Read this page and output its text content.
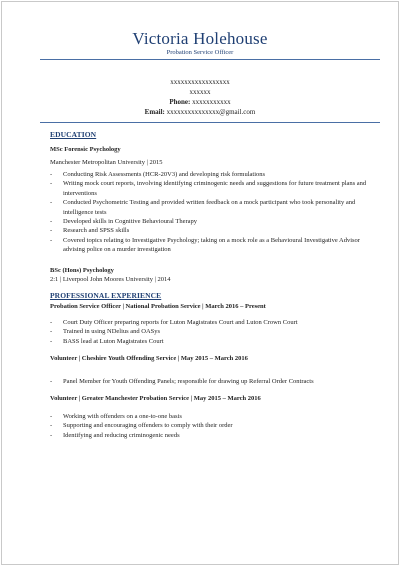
Victoria Holehouse
Probation Service Officer
xxxxxxxxxxxxxxxxx
xxxxxx
Phone: xxxxxxxxxxx
Email: xxxxxxxxxxxxxxx@gmail.com
EDUCATION
MSc Forensic Psychology
Manchester Metropolitan University | 2015
- Conducting Risk Assessments (HCR-20V3) and developing risk formulations
- Writing mock court reports, involving identifying criminogenic needs and suggestions for future treatment plans and interventions
- Conducted Psychometric Testing and provided written feedback on a mock participant who took personality and intelligence tests
- Developed skills in Cognitive Behavioural Therapy
- Research and SPSS skills
- Covered topics relating to Investigative Psychology; taking on a mock role as a Behavioural Investigative Advisor advising police on a murder investigation
BSc (Hons) Psychology
2:1 | Liverpool John Moores University | 2014
PROFESSIONAL EXPERIENCE
Probation Service Officer | National Probation Service | March 2016 – Present
- Court Duty Officer preparing reports for Luton Magistrates Court and Luton Crown Court
- Trained in using NDelius and OASys
- BASS lead at Luton Magistrates Court
Volunteer | Cheshire Youth Offending Service | May 2015 – March 2016
- Panel Member for Youth Offending Panels; responsible for drawing up Referral Order Contracts
Volunteer | Greater Manchester Probation Service | May 2015 – March 2016
- Working with offenders on a one-to-one basis
- Supporting and encouraging offenders to comply with their order
- Identifying and reducing criminogenic needs
